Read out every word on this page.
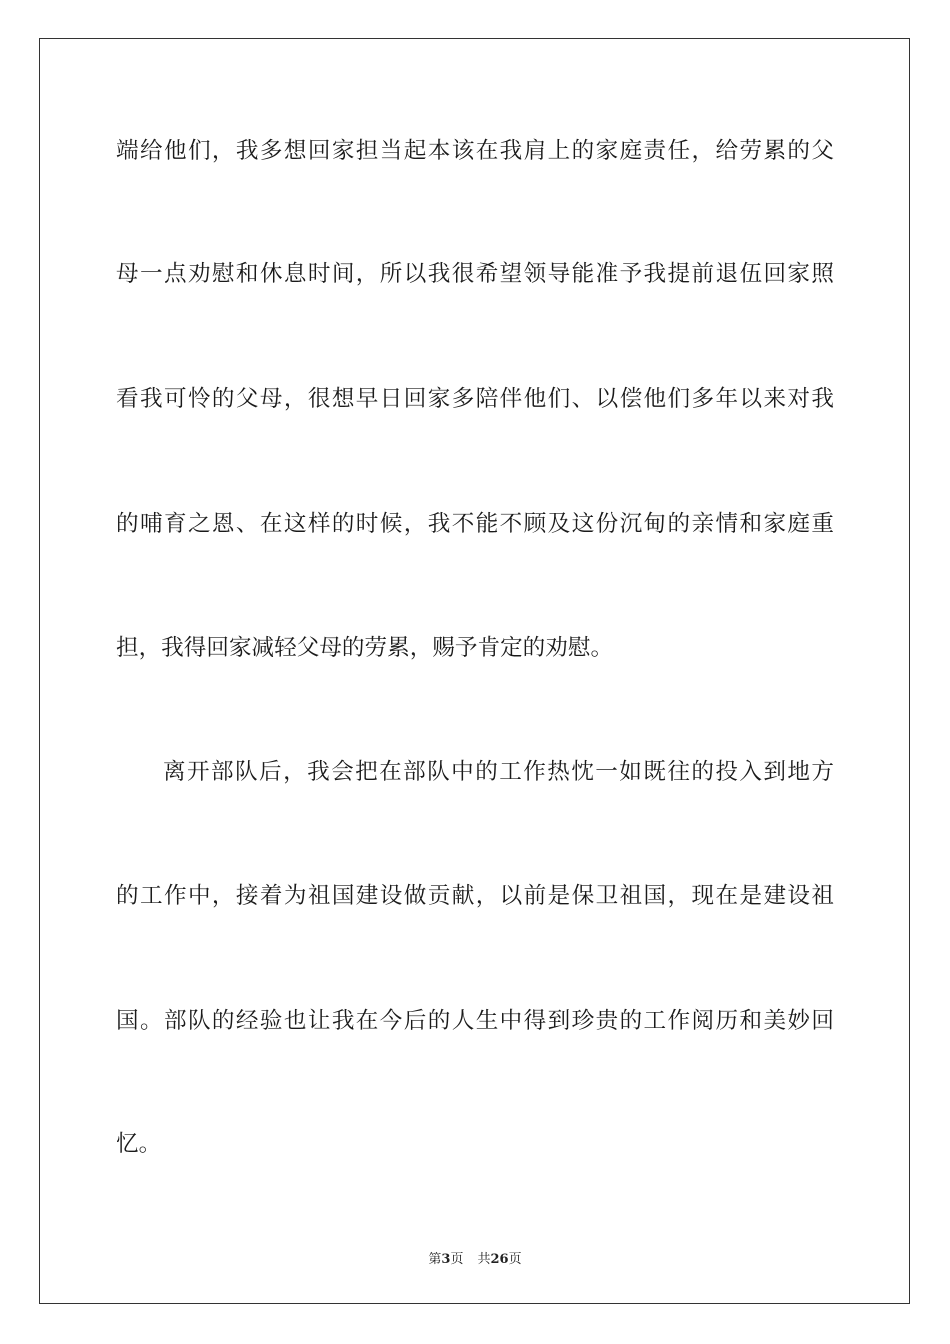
端给他们，我多想回家担当起本该在我肩上的家庭责任，给劳累的父
母一点劝慰和休息时间，所以我很希望领导能准予我提前退伍回家照
看我可怜的父母，很想早日回家多陪伴他们、以偿他们多年以来对我
的哺育之恩、在这样的时候，我不能不顾及这份沉甸的亲情和家庭重
担，我得回家减轻父母的劳累，赐予肯定的劝慰。
离开部队后，我会把在部队中的工作热忱一如既往的投入到地方
的工作中，接着为祖国建设做贡献，以前是保卫祖国，现在是建设祖
国。部队的经验也让我在今后的人生中得到珍贵的工作阅历和美妙回
忆。
第3页 共26页
